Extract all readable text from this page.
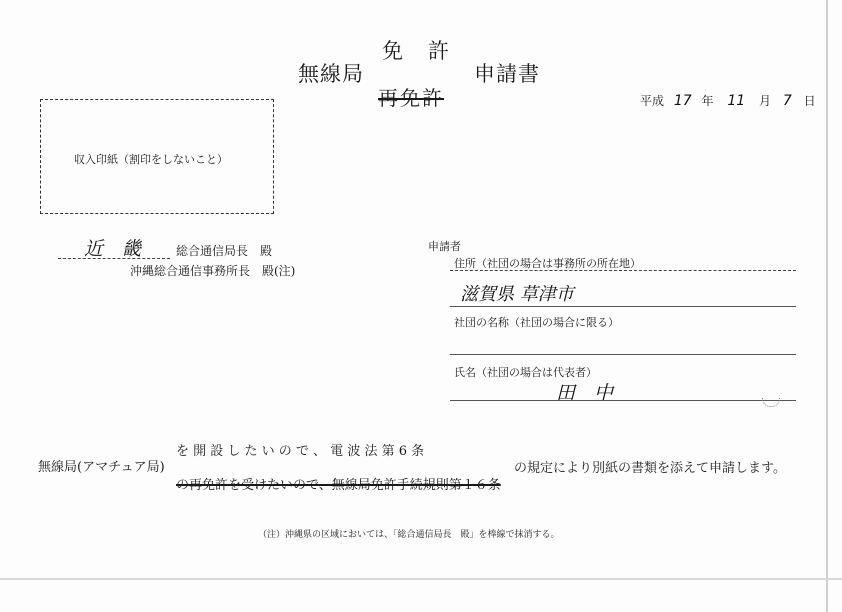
免　許
無線局	申請書
再免許	平成 17 年 11 月 7 日
収入印紙（割印をしないこと）
近　畿	総合通信局長　殿
沖縄総合通信事務所長　殿(注)
申請者
住所（社団の場合は事務所の所在地）
滋賀県 草津市
社団の名称（社団の場合に限る）
氏名（社団の場合は代表者）
田　中
無線局(アマチュア局)
を 開 設 し た い の で 、 電 波 法 第 6 条
の再免許を受けたいので、無線局免許手続規則第１６条
の規定により別紙の書類を添えて申請します。
（注）沖縄県の区域においては、「総合通信局長　殿」を棒線で抹消する。
